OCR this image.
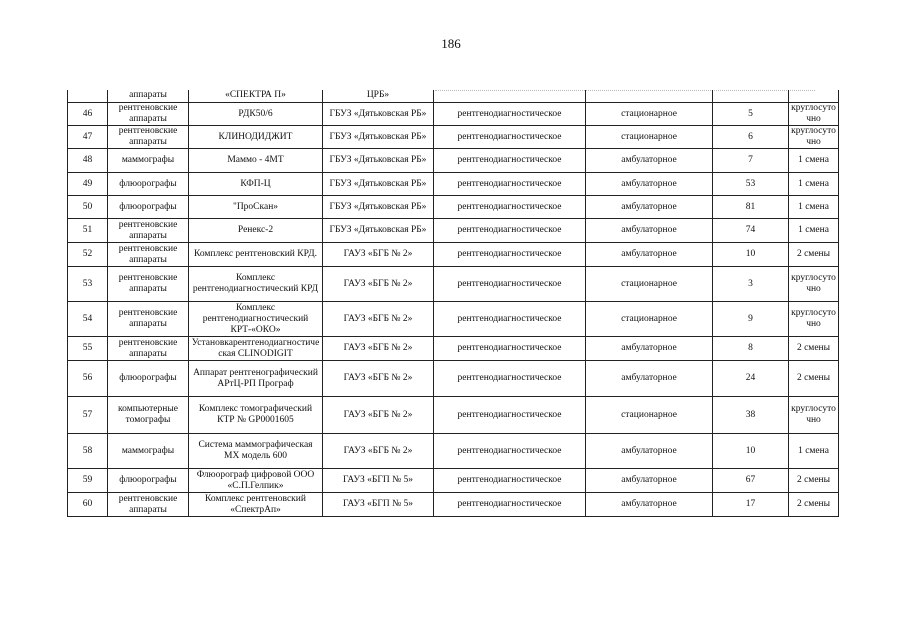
186
	аппараты	«СПЕКТРА П»	ЦРБ»				
46	рентгеновские аппараты	РДК50/6	ГБУЗ «Дятьковская РБ»	рентгенодиагностическое	стационарное	5	круглосуточно
47	рентгеновские аппараты	КЛИНОДИДЖИТ	ГБУЗ «Дятьковская РБ»	рентгенодиагностическое	стационарное	6	круглосуточно
48	маммографы	Маммо - 4МТ	ГБУЗ «Дятьковская РБ»	рентгенодиагностическое	амбулаторное	7	1 смена
49	флюорографы	КФП-Ц	ГБУЗ «Дятьковская РБ»	рентгенодиагностическое	амбулаторное	53	1 смена
50	флюорографы	"ПроСкан»	ГБУЗ «Дятьковская РБ»	рентгенодиагностическое	амбулаторное	81	1 смена
51	рентгеновские аппараты	Ренекс-2	ГБУЗ «Дятьковская РБ»	рентгенодиагностическое	амбулаторное	74	1 смена
52	рентгеновские аппараты	Комплекс рентгеновский КРД.	ГАУЗ «БГБ № 2»	рентгенодиагностическое	амбулаторное	10	2 смены
53	рентгеновские аппараты	Комплекс рентгенодиагностический КРД	ГАУЗ «БГБ № 2»	рентгенодиагностическое	стационарное	3	круглосуточно
54	рентгеновские аппараты	Комплекс рентгенодиагностический КРТ-«ОКО»	ГАУЗ «БГБ № 2»	рентгенодиагностическое	стационарное	9	круглосуточно
55	рентгеновские аппараты	Установкарентгенодиагностическая CLINODIGIT	ГАУЗ «БГБ № 2»	рентгенодиагностическое	амбулаторное	8	2 смены
56	флюорографы	Аппарат рентгенографический АРтЦ-РП Пpoграф	ГАУЗ «БГБ № 2»	рентгенодиагностическое	амбулаторное	24	2 смены
57	компьютерные томографы	Комплекс томографический КТР № GP0001605	ГАУЗ «БГБ № 2»	рентгенодиагностическое	стационарное	38	круглосуточно
58	маммографы	Система маммографическая MX модель 600	ГАУЗ «БГБ № 2»	рентгенодиагностическое	амбулаторное	10	1 смена
59	флюорографы	Флюорограф цифровой ООО «С.П.Гелпик»	ГАУЗ «БГП № 5»	рентгенодиагностическое	амбулаторное	67	2 смены
60	рентгеновские аппараты	Комплекс рентгеновский «СпектрАп»	ГАУЗ «БГП № 5»	рентгенодиагностическое	амбулаторное	17	2 смены
